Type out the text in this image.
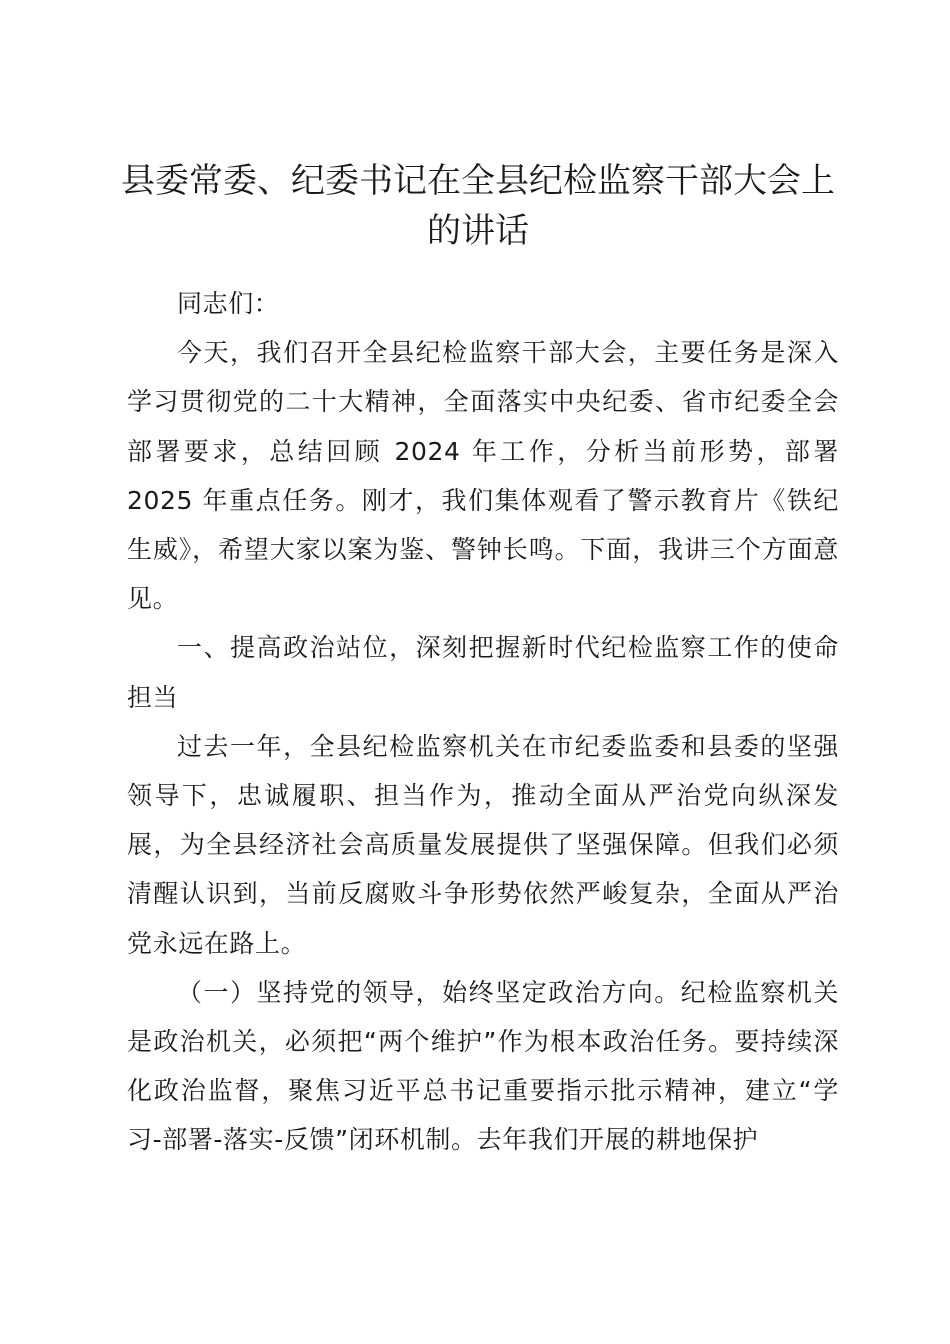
县委常委、纪委书记在全县纪检监察干部大会上的讲话

同志们：

今天，我们召开全县纪检监察干部大会，主要任务是深入学习贯彻党的二十大精神，全面落实中央纪委、省市纪委全会部署要求，总结回顾 2024 年工作，分析当前形势，部署 2025 年重点任务。刚才，我们集体观看了警示教育片《铁纪生威》，希望大家以案为鉴、警钟长鸣。下面，我讲三个方面意见。

一、提高政治站位，深刻把握新时代纪检监察工作的使命担当

过去一年，全县纪检监察机关在市纪委监委和县委的坚强领导下，忠诚履职、担当作为，推动全面从严治党向纵深发展，为全县经济社会高质量发展提供了坚强保障。但我们必须清醒认识到，当前反腐败斗争形势依然严峻复杂，全面从严治党永远在路上。

（一）坚持党的领导，始终坚定政治方向。纪检监察机关是政治机关，必须把“两个维护”作为根本政治任务。要持续深化政治监督，聚焦习近平总书记重要指示批示精神，建立“学习-部署-落实-反馈”闭环机制。去年我们开展的耕地保护
